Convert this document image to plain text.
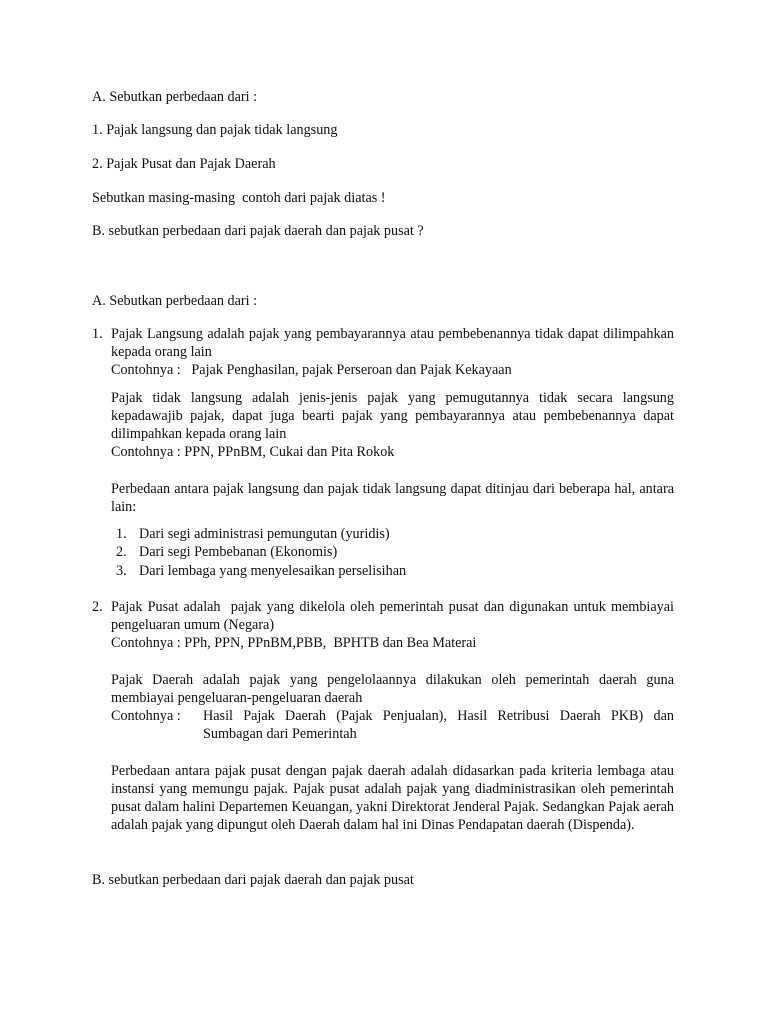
A. Sebutkan perbedaan dari :
1. Pajak langsung dan pajak tidak langsung
2. Pajak Pusat dan Pajak Daerah
Sebutkan masing-masing  contoh dari pajak diatas !
B. sebutkan perbedaan dari pajak daerah dan pajak pusat ?
A. Sebutkan perbedaan dari :
1. Pajak Langsung adalah pajak yang pembayarannya atau pembebenannya tidak dapat dilimpahkan kepada orang lain
Contohnya :   Pajak Penghasilan, pajak Perseroan dan Pajak Kekayaan
Pajak tidak langsung adalah jenis-jenis pajak yang pemugutannya tidak secara langsung kepadawajib pajak, dapat juga bearti pajak yang pembayarannya atau pembebenannya dapat dilimpahkan kepada orang lain
Contohnya : PPN, PPnBM, Cukai dan Pita Rokok
Perbedaan antara pajak langsung dan pajak tidak langsung dapat ditinjau dari beberapa hal, antara lain:
1. Dari segi administrasi pemungutan (yuridis)
2. Dari segi Pembebanan (Ekonomis)
3. Dari lembaga yang menyelesaikan perselisihan
2. Pajak Pusat adalah  pajak yang dikelola oleh pemerintah pusat dan digunakan untuk membiayai pengeluaran umum (Negara)
Contohnya : PPh, PPN, PPnBM,PBB,  BPHTB dan Bea Materai
Pajak Daerah adalah pajak yang pengelolaannya dilakukan oleh pemerintah daerah guna membiayai pengeluaran-pengeluaran daerah
Contohnya :	Hasil Pajak Daerah (Pajak Penjualan), Hasil Retribusi Daerah PKB) dan Sumbagan dari Pemerintah
Perbedaan antara pajak pusat dengan pajak daerah adalah didasarkan pada kriteria lembaga atau instansi yang memungu pajak. Pajak pusat adalah pajak yang diadministrasikan oleh pemerintah pusat dalam halini Departemen Keuangan, yakni Direktorat Jenderal Pajak. Sedangkan Pajak aerah adalah pajak yang dipungut oleh Daerah dalam hal ini Dinas Pendapatan daerah (Dispenda).
B. sebutkan perbedaan dari pajak daerah dan pajak pusat
